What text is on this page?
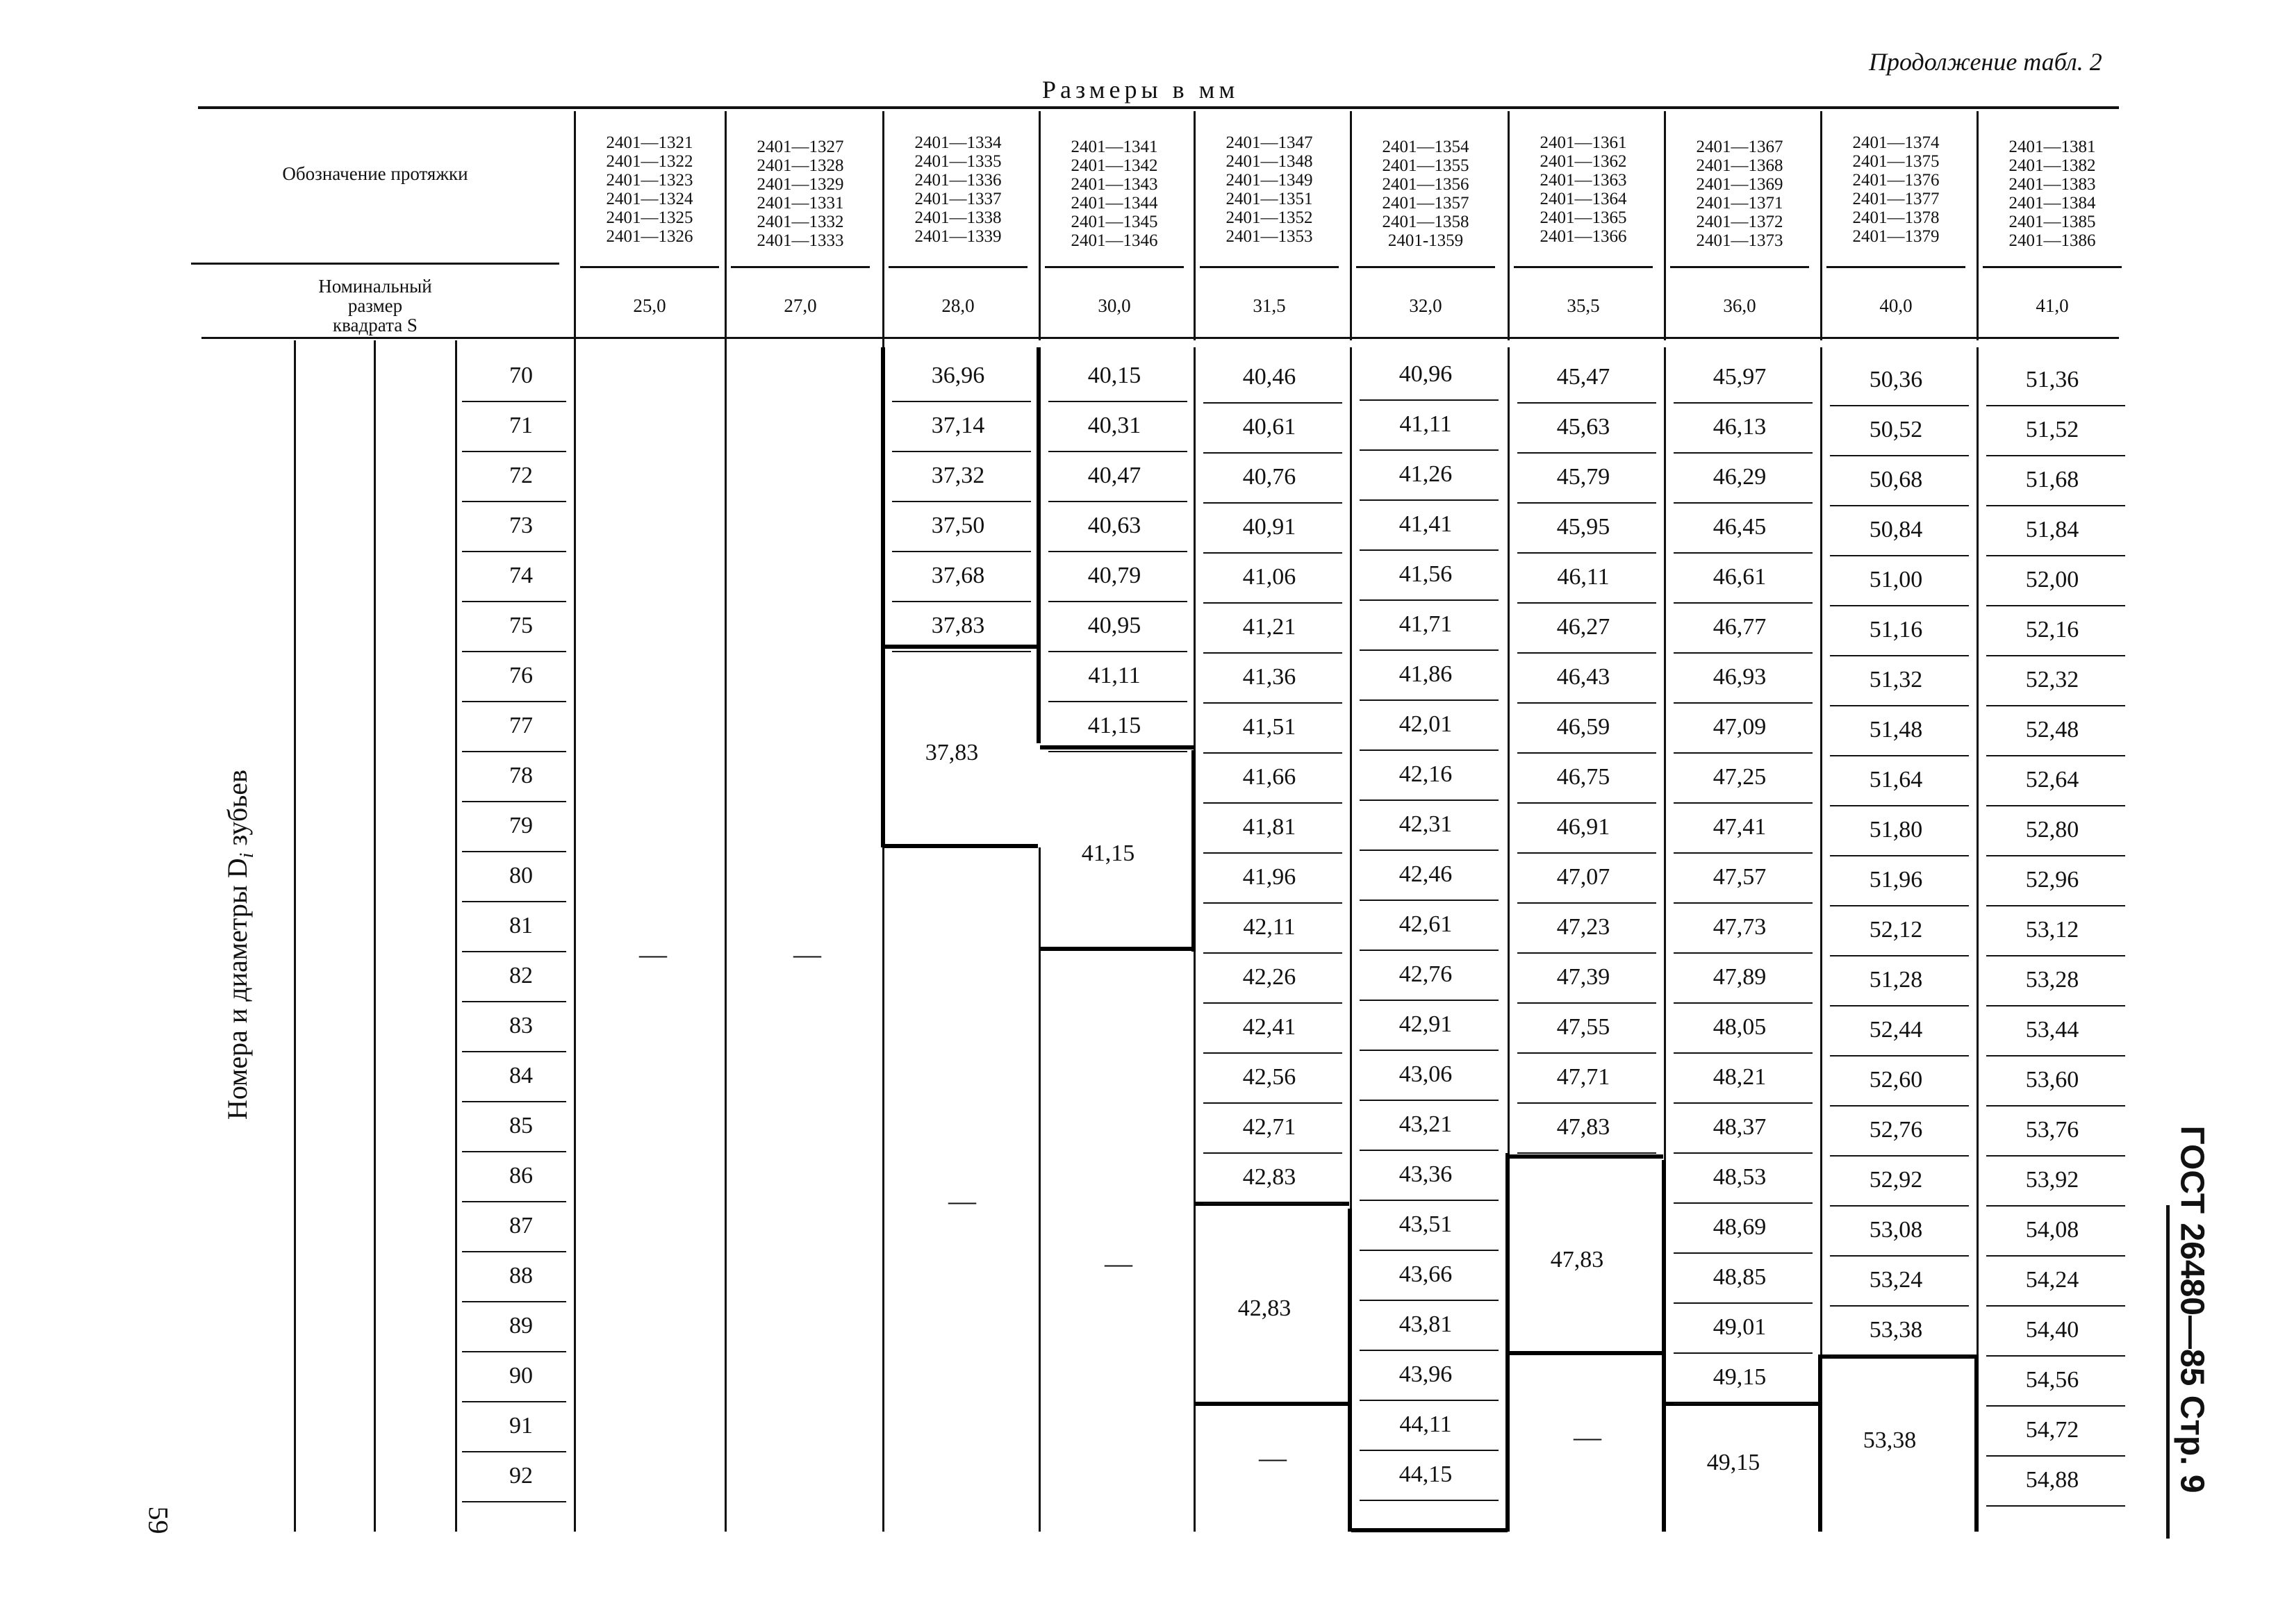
Продолжение табл. 2
Размеры в мм
Обозначение протяжки
Номинальный
размер
квадрата S
Номера и диаметры $D_i$ зубьев
2401—1321
2401—1322
2401—1323
2401—1324
2401—1325
2401—1326
25,0
2401—1327
2401—1328
2401—1329
2401—1331
2401—1332
2401—1333
27,0
2401—1334
2401—1335
2401—1336
2401—1337
2401—1338
2401—1339
28,0
2401—1341
2401—1342
2401—1343
2401—1344
2401—1345
2401—1346
30,0
2401—1347
2401—1348
2401—1349
2401—1351
2401—1352
2401—1353
31,5
2401—1354
2401—1355
2401—1356
2401—1357
2401—1358
2401-1359
32,0
2401—1361
2401—1362
2401—1363
2401—1364
2401—1365
2401—1366
35,5
2401—1367
2401—1368
2401—1369
2401—1371
2401—1372
2401—1373
36,0
2401—1374
2401—1375
2401—1376
2401—1377
2401—1378
2401—1379
40,0
2401—1381
2401—1382
2401—1383
2401—1384
2401—1385
2401—1386
41,0
70
71
72
73
74
75
76
77
78
79
80
81
82
83
84
85
86
87
88
89
90
91
92
36,96
37,14
37,32
37,50
37,68
37,83
40,15
40,31
40,47
40,63
40,79
40,95
41,11
41,15
40,46
40,61
40,76
40,91
41,06
41,21
41,36
41,51
41,66
41,81
41,96
42,11
42,26
42,41
42,56
42,71
42,83
40,96
41,11
41,26
41,41
41,56
41,71
41,86
42,01
42,16
42,31
42,46
42,61
42,76
42,91
43,06
43,21
43,36
43,51
43,66
43,81
43,96
44,11
44,15
45,47
45,63
45,79
45,95
46,11
46,27
46,43
46,59
46,75
46,91
47,07
47,23
47,39
47,55
47,71
47,83
45,97
46,13
46,29
46,45
46,61
46,77
46,93
47,09
47,25
47,41
47,57
47,73
47,89
48,05
48,21
48,37
48,53
48,69
48,85
49,01
49,15
50,36
50,52
50,68
50,84
51,00
51,16
51,32
51,48
51,64
51,80
51,96
52,12
51,28
52,44
52,60
52,76
52,92
53,08
53,24
53,38
51,36
51,52
51,68
51,84
52,00
52,16
52,32
52,48
52,64
52,80
52,96
53,12
53,28
53,44
53,60
53,76
53,92
54,08
54,24
54,40
54,56
54,72
54,88
—	—
—
—
—
—
37,83
41,15
42,83
47,83
49,15
53,38	ГОСТ 26480—85 Стр. 9
59
